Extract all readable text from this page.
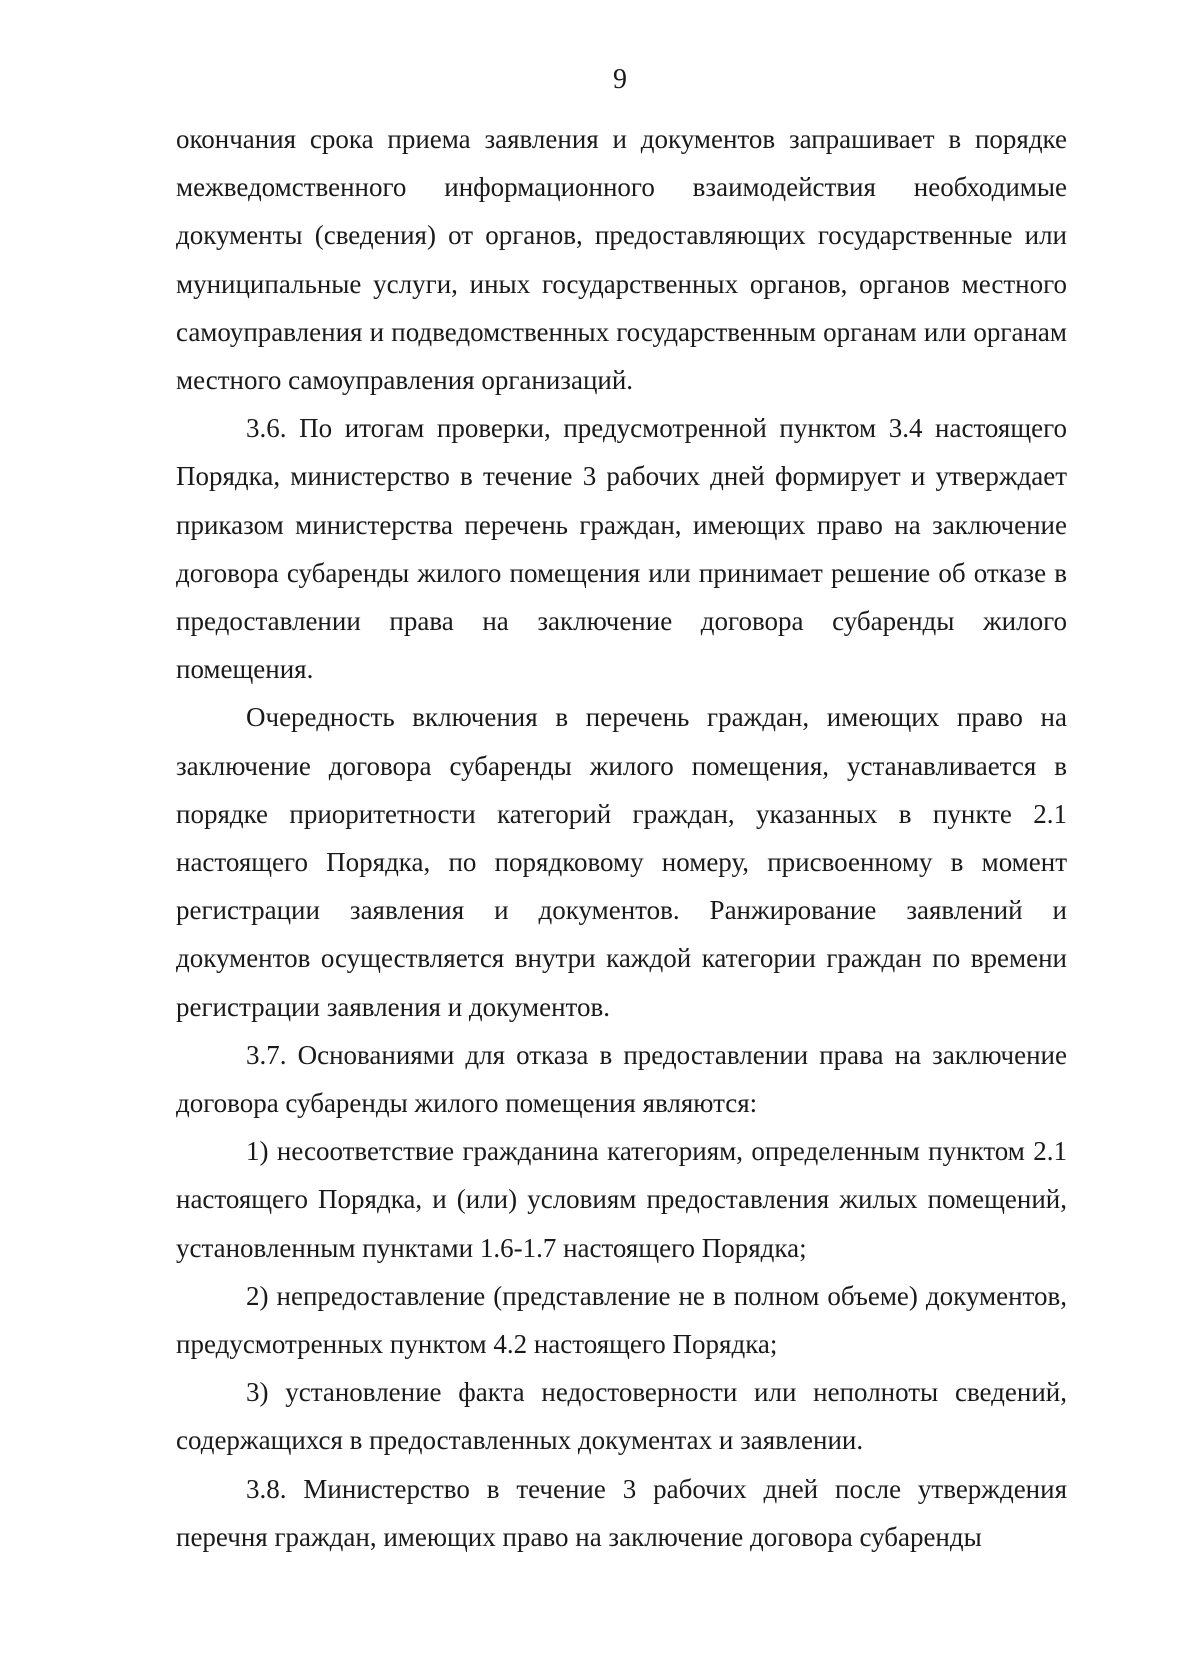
9

окончания срока приема заявления и документов запрашивает в порядке межведомственного информационного взаимодействия необходимые документы (сведения) от органов, предоставляющих государственные или муниципальные услуги, иных государственных органов, органов местного самоуправления и подведомственных государственным органам или органам местного самоуправления организаций.

3.6. По итогам проверки, предусмотренной пунктом 3.4 настоящего Порядка, министерство в течение 3 рабочих дней формирует и утверждает приказом министерства перечень граждан, имеющих право на заключение договора субаренды жилого помещения или принимает решение об отказе в предоставлении права на заключение договора субаренды жилого помещения.

Очередность включения в перечень граждан, имеющих право на заключение договора субаренды жилого помещения, устанавливается в порядке приоритетности категорий граждан, указанных в пункте 2.1 настоящего Порядка, по порядковому номеру, присвоенному в момент регистрации заявления и документов. Ранжирование заявлений и документов осуществляется внутри каждой категории граждан по времени регистрации заявления и документов.

3.7. Основаниями для отказа в предоставлении права на заключение договора субаренды жилого помещения являются:

1) несоответствие гражданина категориям, определенным пунктом 2.1 настоящего Порядка, и (или) условиям предоставления жилых помещений, установленным пунктами 1.6-1.7 настоящего Порядка;

2) непредоставление (представление не в полном объеме) документов, предусмотренных пунктом 4.2 настоящего Порядка;

3) установление факта недостоверности или неполноты сведений, содержащихся в предоставленных документах и заявлении.

3.8. Министерство в течение 3 рабочих дней после утверждения перечня граждан, имеющих право на заключение договора субаренды
